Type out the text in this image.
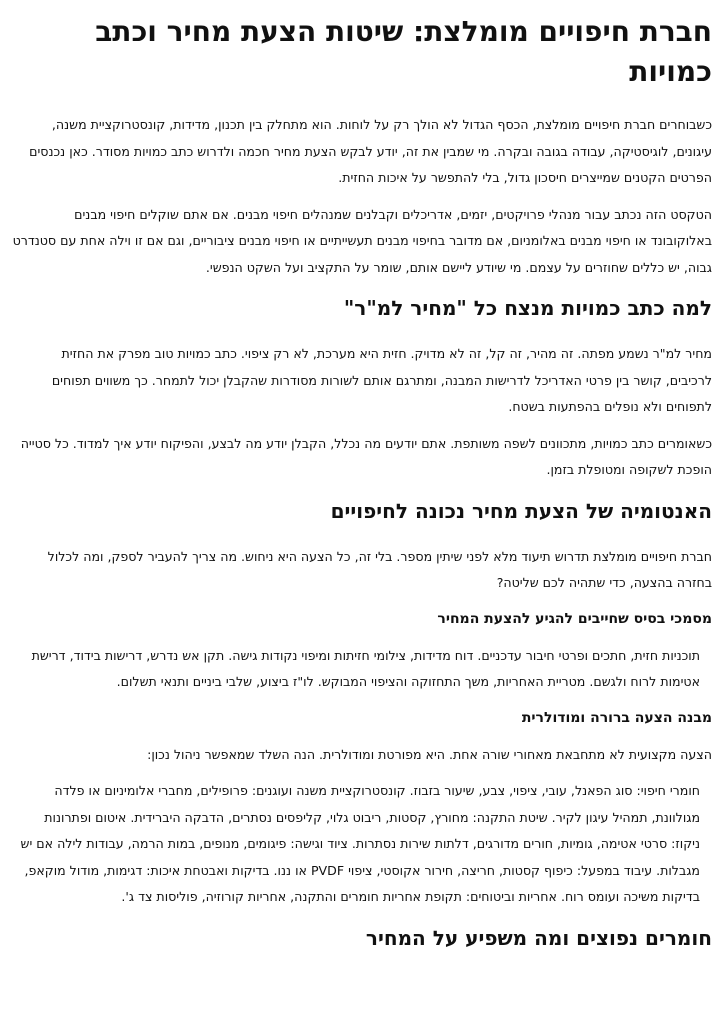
חברת חיפויים מומלצת: שיטות הצעת מחיר וכתב כמויות

כשבוחרים חברת חיפויים מומלצת, הכסף הגדול לא הולך רק על לוחות. הוא מתחלק בין תכנון, מדידות, קונסטרוקציית משנה, עיגונים, לוגיסטיקה, עבודה בגובה ובקרה. מי שמבין את זה, יודע לבקש הצעת מחיר חכמה ולדרוש כתב כמויות מסודר. כאן נכנסים הפרטים הקטנים שמייצרים חיסכון גדול, בלי להתפשר על איכות החזית.

הטקסט הזה נכתב עבור מנהלי פרויקטים, יזמים, אדריכלים וקבלנים שמנהלים חיפוי מבנים. אם אתם שוקלים חיפוי מבנים באלוקובונד או חיפוי מבנים באלומניום, אם מדובר בחיפוי מבנים תעשייתיים או חיפוי מבנים ציבוריים, וגם אם זו וילה אחת עם סטנדרט גבוה, יש כללים שחוזרים על עצמם. מי שיודע ליישם אותם, שומר על התקציב ועל השקט הנפשי.

למה כתב כמויות מנצח כל "מחיר למ"ר"

מחיר למ"ר נשמע מפתה. זה מהיר, זה קל, זה לא מדויק. חזית היא מערכת, לא רק ציפוי. כתב כמויות טוב מפרק את החזית לרכיבים, קושר בין פרטי האדריכל לדרישות המבנה, ומתרגם אותם לשורות מסודרות שהקבלן יכול לתמחר. כך משווים תפוחים לתפוחים ולא נופלים בהפתעות בשטח.

כשאומרים כתב כמויות, מתכוונים לשפה משותפת. אתם יודעים מה נכלל, הקבלן יודע מה לבצע, והפיקוח יודע איך למדוד. כל סטייה הופכת לשקופה ומטופלת בזמן.

האנטומיה של הצעת מחיר נכונה לחיפויים

חברת חיפויים מומלצת תדרוש תיעוד מלא לפני שיתין מספר. בלי זה, כל הצעה היא ניחוש. מה צריך להעביר לספק, ומה לכלול בחזרה בהצעה, כדי שתהיה לכם שליטה?

מסמכי בסיס שחייבים להגיע להצעת המחיר
תוכניות חזית, חתכים ופרטי חיבור עדכניים. דוח מדידות, צילומי חזיתות ומיפוי נקודות גישה. תקן אש נדרש, דרישות בידוד, דרישת אטימות לרוח ולגשם. מטריית האחריות, משך התחזוקה והציפוי המבוקש. לו"ז ביצוע, שלבי ביניים ותנאי תשלום.
מבנה הצעה ברורה ומודולרית

הצעה מקצועית לא מתחבאת מאחורי שורה אחת. היא מפורטת ומודולרית. הנה השלד שמאפשר ניהול נכון:

חומרי חיפוי: סוג הפאנל, עובי, ציפוי, צבע, שיעור בזבוז. קונסטרוקציית משנה ועוגנים: פרופילים, מחברי אלומיניום או פלדה מגולוונת, תמהיל עיגון לקיר. שיטת התקנה: מחורץ, קסטות, ריבוט גלוי, קליפסים נסתרים, הדבקה היברידית. איטום ופתרונות ניקוז: סרטי אטימה, גומיות, חורים מדורגים, דלתות שירות נסתרות. ציוד וגישה: פיגומים, מנופים, במות הרמה, עבודות לילה אם יש מגבלות. עיבוד במפעל: כיפוף קסטות, חריצה, חירור אקוסטי, ציפוי PVDF או ננו. בדיקות ואבטחת איכות: דגימות, מודול מוקאפ, בדיקות משיכה ועומס רוח. אחריות וביטוחים: תקופת אחריות חומרים והתקנה, אחריות קורוזיה, פוליסות צד ג'.
חומרים נפוצים ומה משפיע על המחיר
